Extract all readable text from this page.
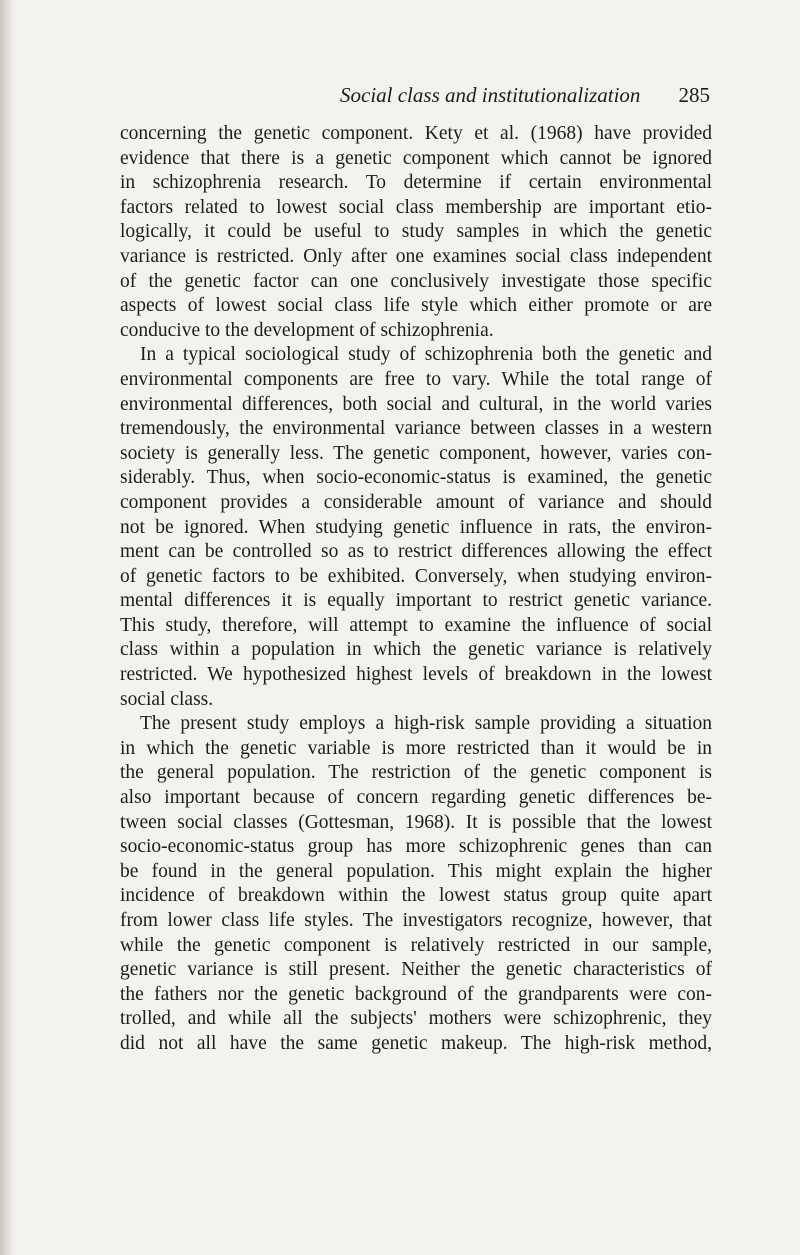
Social class and institutionalization 285
concerning the genetic component. Kety et al. (1968) have provided
evidence that there is a genetic component which cannot be ignored
in schizophrenia research. To determine if certain environmental
factors related to lowest social class membership are important etio-
logically, it could be useful to study samples in which the genetic
variance is restricted. Only after one examines social class independent
of the genetic factor can one conclusively investigate those specific
aspects of lowest social class life style which either promote or are
conducive to the development of schizophrenia.
In a typical sociological study of schizophrenia both the genetic and
environmental components are free to vary. While the total range of
environmental differences, both social and cultural, in the world varies
tremendously, the environmental variance between classes in a western
society is generally less. The genetic component, however, varies con-
siderably. Thus, when socio-economic-status is examined, the genetic
component provides a considerable amount of variance and should
not be ignored. When studying genetic influence in rats, the environ-
ment can be controlled so as to restrict differences allowing the effect
of genetic factors to be exhibited. Conversely, when studying environ-
mental differences it is equally important to restrict genetic variance.
This study, therefore, will attempt to examine the influence of social
class within a population in which the genetic variance is relatively
restricted. We hypothesized highest levels of breakdown in the lowest
social class.
The present study employs a high-risk sample providing a situation
in which the genetic variable is more restricted than it would be in
the general population. The restriction of the genetic component is
also important because of concern regarding genetic differences be-
tween social classes (Gottesman, 1968). It is possible that the lowest
socio-economic-status group has more schizophrenic genes than can
be found in the general population. This might explain the higher
incidence of breakdown within the lowest status group quite apart
from lower class life styles. The investigators recognize, however, that
while the genetic component is relatively restricted in our sample,
genetic variance is still present. Neither the genetic characteristics of
the fathers nor the genetic background of the grandparents were con-
trolled, and while all the subjects' mothers were schizophrenic, they
did not all have the same genetic makeup. The high-risk method,
